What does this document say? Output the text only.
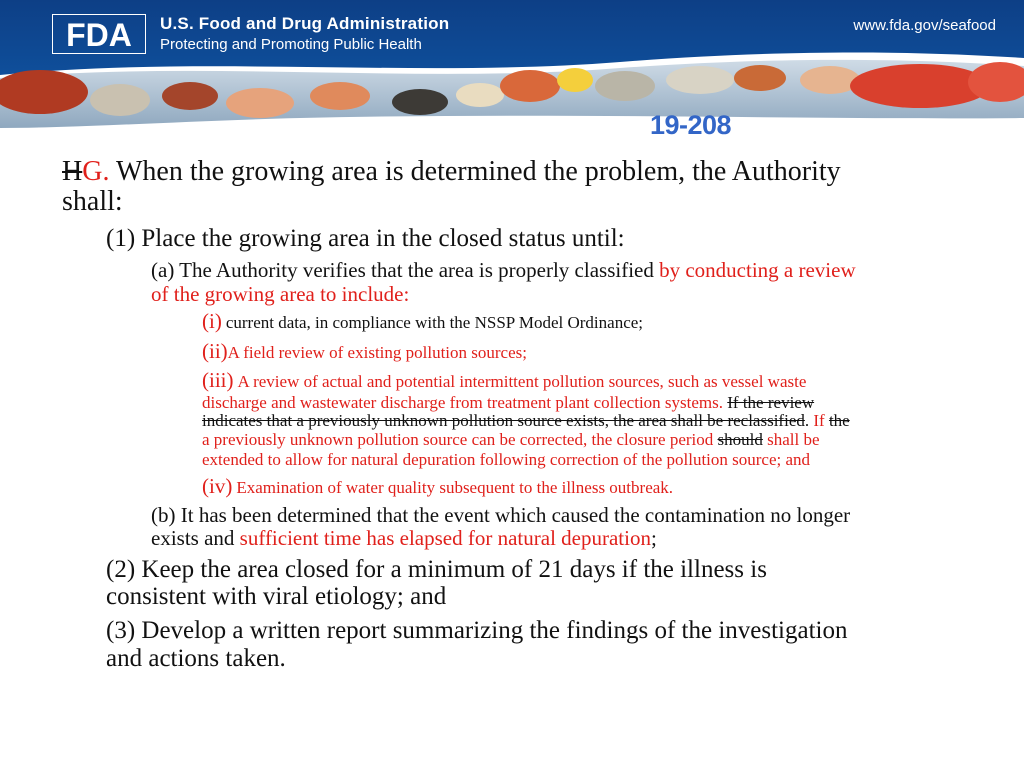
FDA U.S. Food and Drug Administration
Protecting and Promoting Public Health
www.fda.gov/seafood
19-208
HG. When the growing area is determined the problem, the Authority
shall:
(1) Place the growing area in the closed status until:
(a) The Authority verifies that the area is properly classified by conducting a review
of the growing area to include:
(i) current data, in compliance with the NSSP Model Ordinance;
(ii)A field review of existing pollution sources;
(iii) A review of actual and potential intermittent pollution sources, such as vessel waste
discharge and wastewater discharge from treatment plant collection systems. If the review
indicates that a previously unknown pollution source exists, the area shall be reclassified. If the
a previously unknown pollution source can be corrected, the closure period should shall be
extended to allow for natural depuration following correction of the pollution source; and
(iv) Examination of water quality subsequent to the illness outbreak.
(b) It has been determined that the event which caused the contamination no longer
exists and sufficient time has elapsed for natural depuration;
(2) Keep the area closed for a minimum of 21 days if the illness is
consistent with viral etiology; and
(3) Develop a written report summarizing the findings of the investigation
and actions taken.
